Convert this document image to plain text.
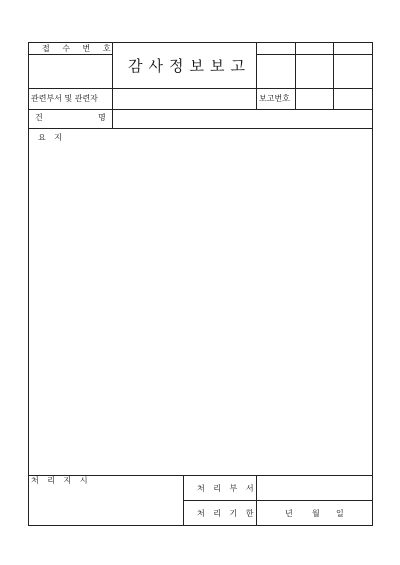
접 수 번 호
감사정보보고
관련부서 및 관련자	보고번호
건	명
요 지
처 리 지 시
처 리 부 서
처 리 기 한	년 월 일
